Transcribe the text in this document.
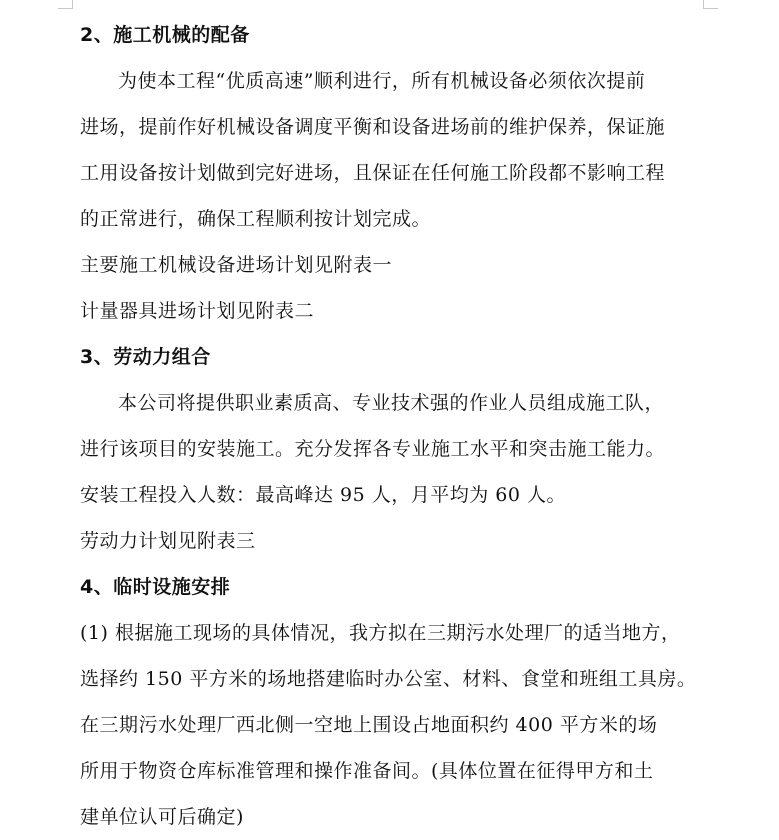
2、施工机械的配备
为使本工程“优质高速”顺利进行，所有机械设备必须依次提前
进场，提前作好机械设备调度平衡和设备进场前的维护保养，保证施
工用设备按计划做到完好进场，且保证在任何施工阶段都不影响工程
的正常进行，确保工程顺利按计划完成。
主要施工机械设备进场计划见附表一
计量器具进场计划见附表二
3、劳动力组合
本公司将提供职业素质高、专业技术强的作业人员组成施工队，
进行该项目的安装施工。充分发挥各专业施工水平和突击施工能力。
安装工程投入人数：最高峰达 95 人，月平均为 60 人。
劳动力计划见附表三
4、临时设施安排
(1) 根据施工现场的具体情况，我方拟在三期污水处理厂的适当地方，
选择约 150 平方米的场地搭建临时办公室、材料、食堂和班组工具房。
在三期污水处理厂西北侧一空地上围设占地面积约 400 平方米的场
所用于物资仓库标准管理和操作准备间。(具体位置在征得甲方和土
建单位认可后确定)
